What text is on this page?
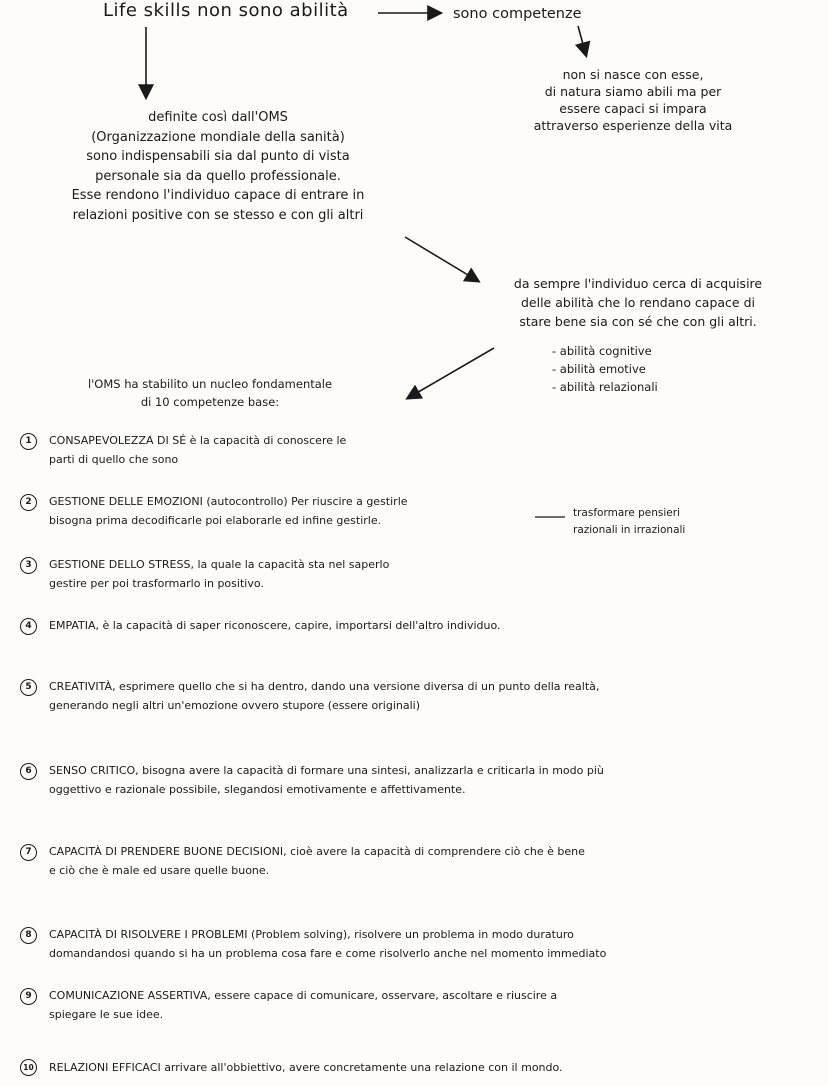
Life skills non sono abilità	sono competenze
non si nasce con esse,
di natura siamo abili ma per
essere capaci si impara
attraverso esperienze della vita
definite così dall'OMS
(Organizzazione mondiale della sanità)
sono indispensabili sia dal punto di vista
personale sia da quello professionale.
Esse rendono l'individuo capace di entrare in
relazioni positive con se stesso e con gli altri
da sempre l'individuo cerca di acquisire
delle abilità che lo rendano capace di
stare bene sia con sé che con gli altri.
- abilità cognitive
- abilità emotive
- abilità relazionali
l'OMS ha stabilito un nucleo fondamentale
di 10 competenze base:
1 CONSAPEVOLEZZA DI SÉ è la capacità di conoscere le
parti di quello che sono
2 GESTIONE DELLE EMOZIONI (autocontrollo) Per riuscire a gestirle
bisogna prima decodificarle poi elaborarle ed infine gestirle.
trasformare pensieri
razionali in irrazionali
3 GESTIONE DELLO STRESS, la quale la capacità sta nel saperlo
gestire per poi trasformarlo in positivo.
4 EMPATIA, è la capacità di saper riconoscere, capire, importarsi dell'altro individuo.
5 CREATIVITÀ, esprimere quello che si ha dentro, dando una versione diversa di un punto della realtà,
generando negli altri un'emozione ovvero stupore (essere originali)
6 SENSO CRITICO, bisogna avere la capacità di formare una sintesi, analizzarla e criticarla in modo più
oggettivo e razionale possibile, slegandosi emotivamente e affettivamente.
7 CAPACITÀ DI PRENDERE BUONE DECISIONI, cioè avere la capacità di comprendere ciò che è bene
e ciò che è male ed usare quelle buone.
8 CAPACITÀ DI RISOLVERE I PROBLEMI (Problem solving), risolvere un problema in modo duraturo
domandandosi quando si ha un problema cosa fare e come risolverlo anche nel momento immediato
9 COMUNICAZIONE ASSERTIVA, essere capace di comunicare, osservare, ascoltare e riuscire a
spiegare le sue idee.
10 RELAZIONI EFFICACI arrivare all'obbiettivo, avere concretamente una relazione con il mondo.
